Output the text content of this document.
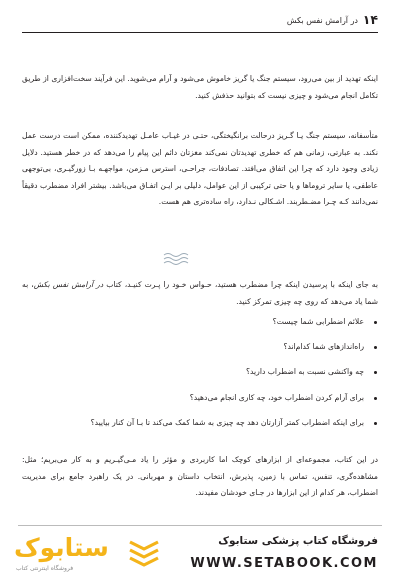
۱۴
در آرامش نفس بکش

اینکه تهدید از بین می‌رود، سیستم جنگ یا گریز خاموش می‌شود و آرام می‌شوید. این فرآیند سخت‌افزاری از طریق تکامل انجام می‌شود و چیزی نیست که بتوانید حذفش کنید.

متأسفانه، سیستم جنگ یـا گـریز درحالت برانگیختگی، حتـی در غیـاب عامـل تهدیدکننده، ممکن است درست عمل نکند. به عبارتی، زمانی هم که خطری تهدیدتان نمی‌کند مغزتان دائم این پیام را می‌دهد که در خطر هستید. دلایل زیادی وجود دارد که چرا این اتفاق می‌افتد. تصادفات، جراحـی، استرس مـزمن، مواجهـه بـا زورگیـری، بی‌توجهی عاطفی، یا سایر تروماها و یا حتی ترکیبی از این عوامل، دلیلی بر ایـن اتفـاق می‌باشد. بیشتر افراد مضطرب دقیقاً نمی‌دانند کـه چـرا مضـطربند. اشـکالی نـدارد، راه ساده‌تری هم هست.

به جای اینکه با پرسیدن اینکه چرا مضطرب هستید، حـواس خـود را پـرت کنیـد، کتاب در آرامش نفس بکش، به شما یاد می‌دهد که روی چه چیزی تمرکز کنید.

علائم اضطرابی شما چیست؟
راه‌اندازهای شما کدام‌اند؟
چه واکنشی نسبت به اضطراب دارید؟
برای آرام کردن اضطراب خود، چه کاری انجام می‌دهید؟
برای اینکه اضطراب کمتر آزارتان دهد چه چیزی به شما کمک می‌کند تا بـا آن کنار بیایید؟

در این کتاب، مجموعه‌ای از ابزارهای کوچک اما کاربردی و مؤثر را یاد مـی‌گیـریم و به کار می‌بریم؛ مثل: مشاهده‌گری، تنفس، تماس با زمین، پذیرش، انتخاب داستان و مهربانی. در یک راهبرد جامع برای مدیریت اضطراب، هر کدام از این ابزارها در جـای خودشان مفیدند.

فروشگاه کتاب پزشکی ستابوک
WWW.SETABOOK.COM
ستابوک
فروشگاه اینترنتی کتاب
